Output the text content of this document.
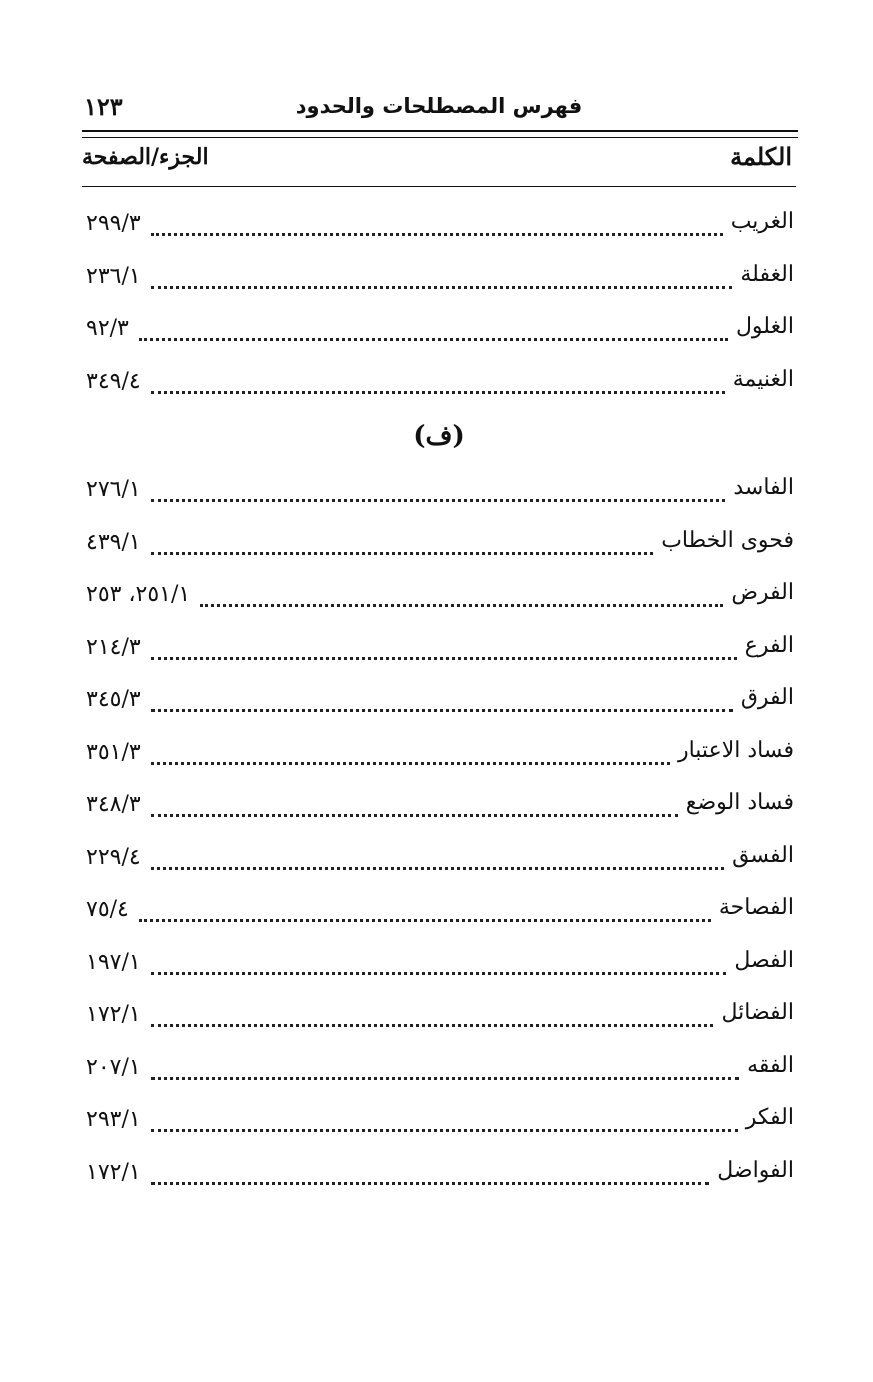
فهرس المصطلحات والحدود
١٢٣
الكلمة
الجزء/الصفحة
الغريب
٢٩٩/٣
الغفلة
٢٣٦/١
الغلول
٩٢/٣
الغنيمة
٣٤٩/٤
(ف)
الفاسد
٢٧٦/١
فحوى الخطاب
٤٣٩/١
الفرض
٢٥١/١، ٢٥٣
الفرع
٢١٤/٣
الفرق
٣٤٥/٣
فساد الاعتبار
٣٥١/٣
فساد الوضع
٣٤٨/٣
الفسق
٢٢٩/٤
الفصاحة
٧٥/٤
الفصل
١٩٧/١
الفضائل
١٧٢/١
الفقه
٢٠٧/١
الفكر
٢٩٣/١
الفواضل
١٧٢/١
